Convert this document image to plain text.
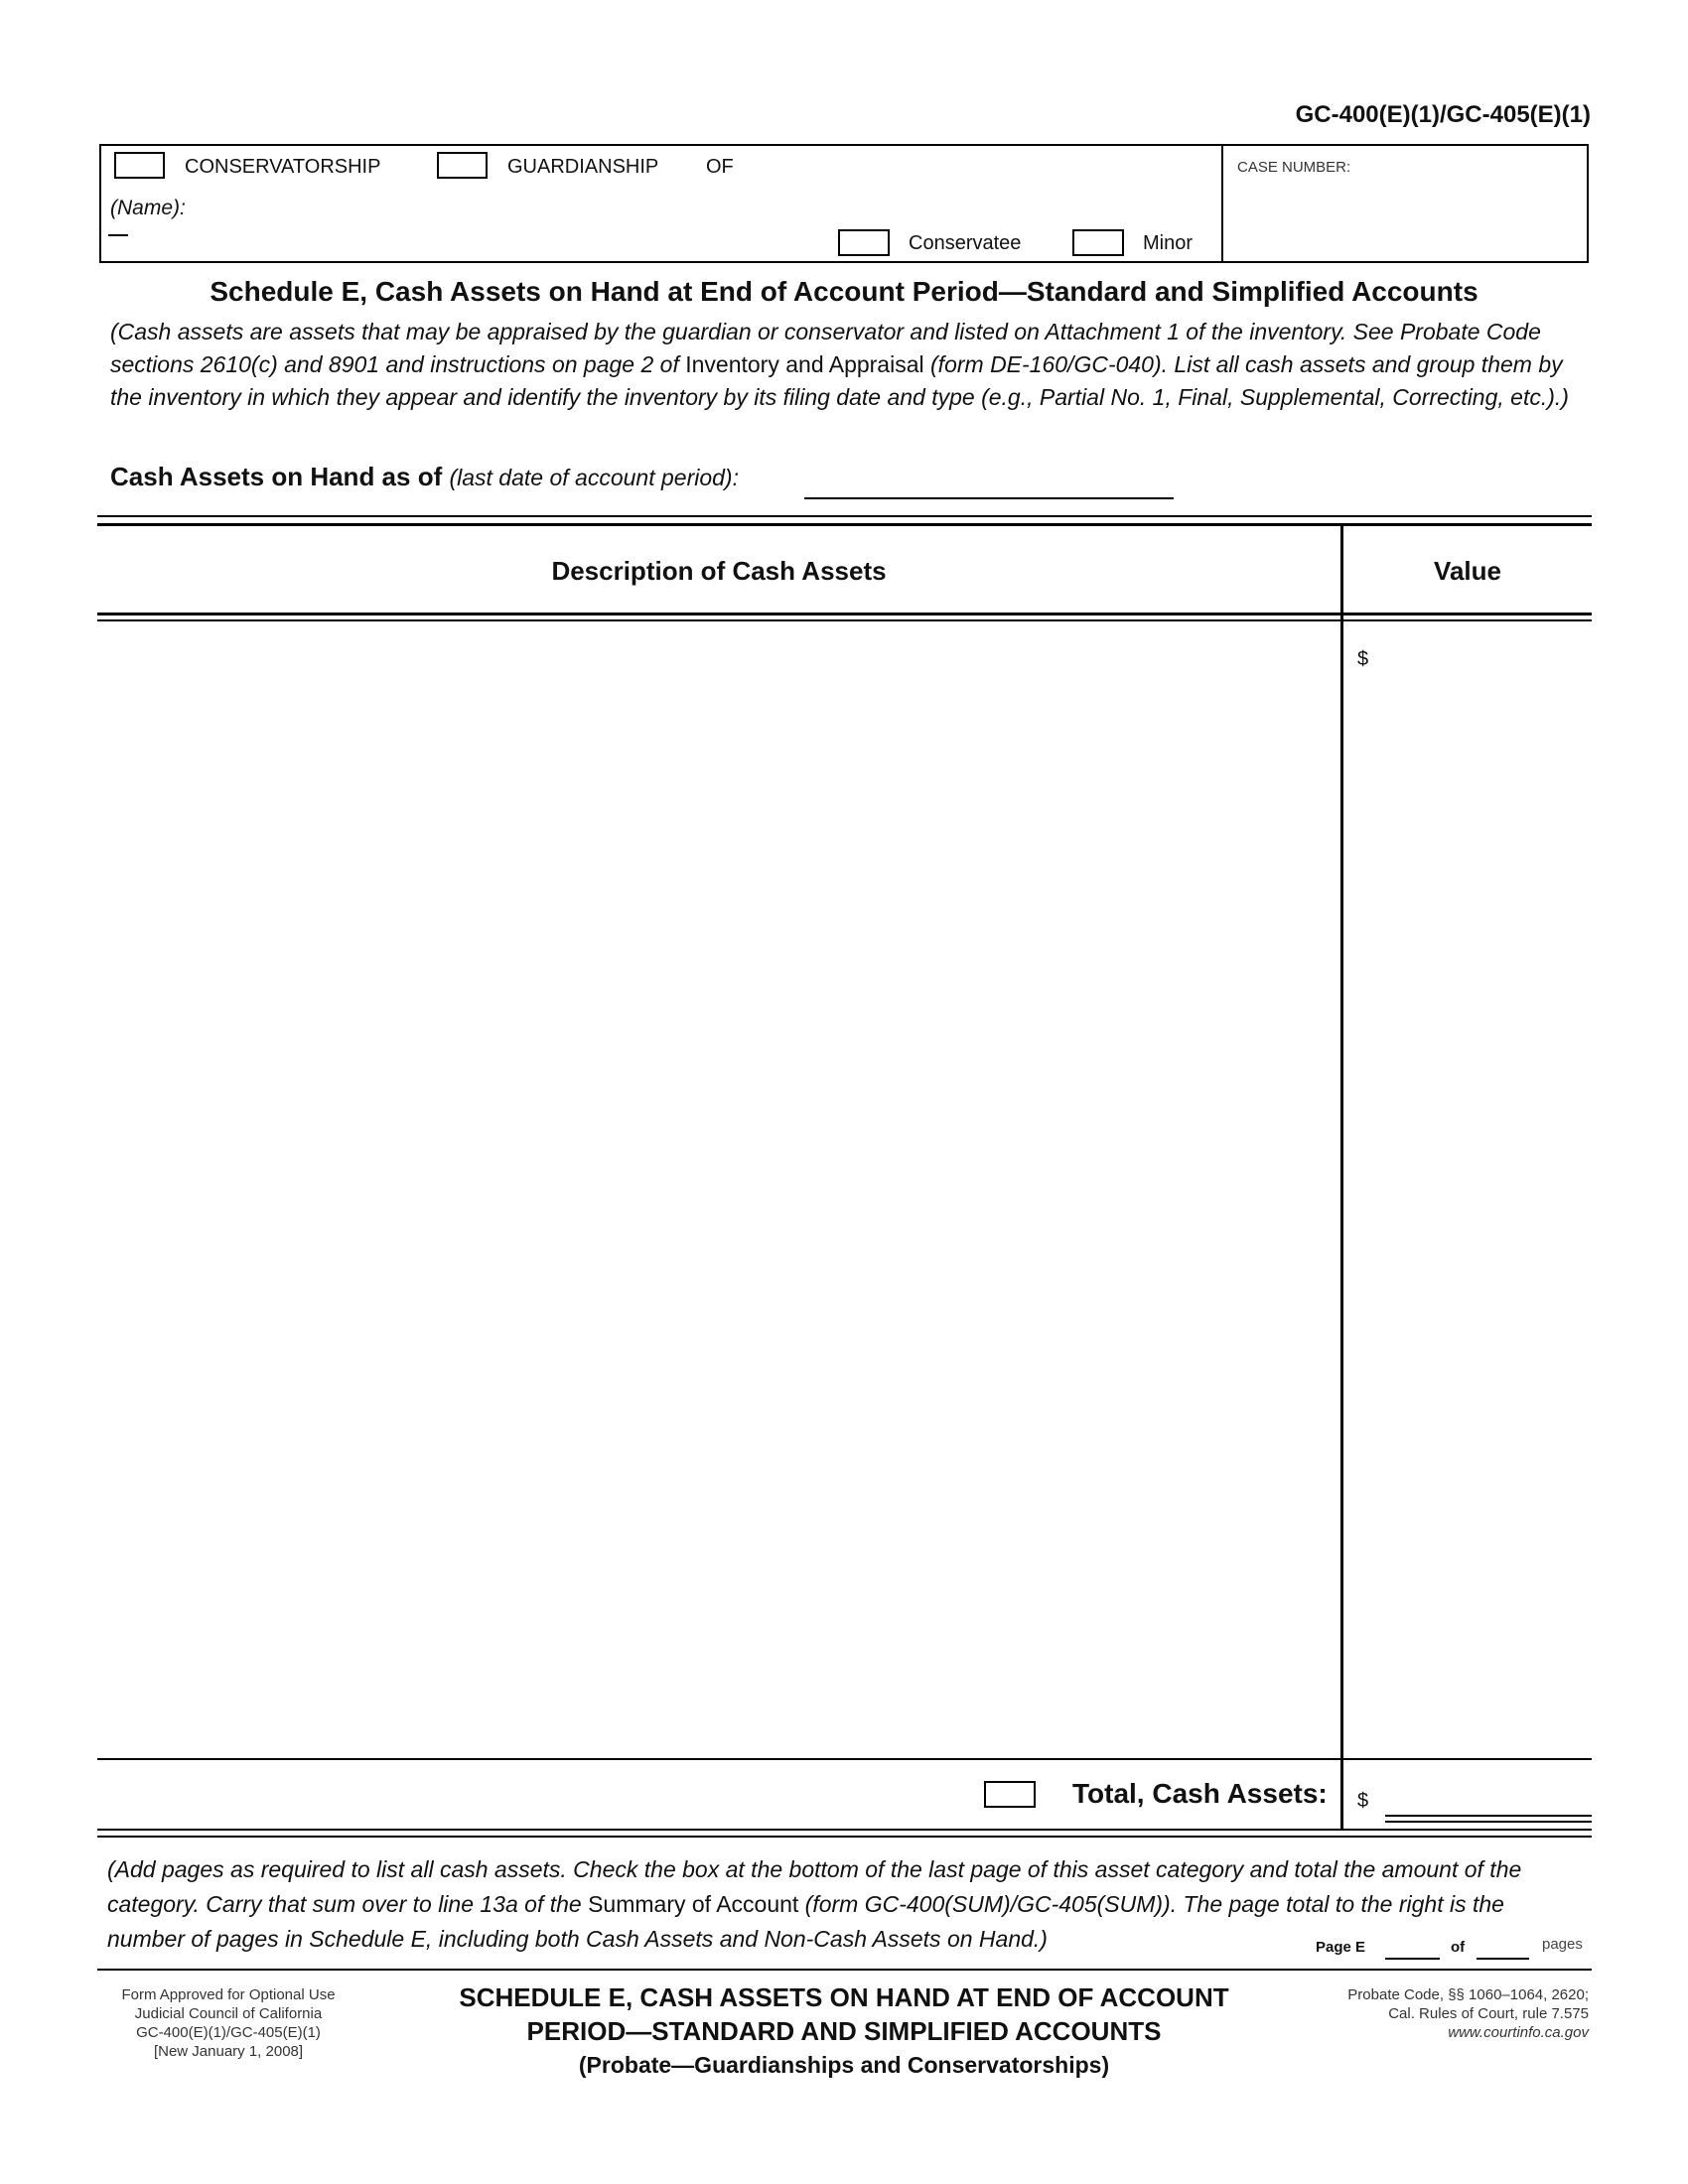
GC-400(E)(1)/GC-405(E)(1)
CONSERVATORSHIP	GUARDIANSHIP OF
(Name):
Conservatee	Minor
CASE NUMBER:
Schedule E, Cash Assets on Hand at End of Account Period—Standard and Simplified Accounts
(Cash assets are assets that may be appraised by the guardian or conservator and listed on Attachment 1 of the inventory. See Probate Code sections 2610(c) and 8901 and instructions on page 2 of Inventory and Appraisal (form DE-160/GC-040). List all cash assets and group them by the inventory in which they appear and identify the inventory by its filing date and type (e.g., Partial No. 1, Final, Supplemental, Correcting, etc.).)
Cash Assets on Hand as of (last date of account period):
Description of Cash Assets	Value
$
Total, Cash Assets: $
(Add pages as required to list all cash assets. Check the box at the bottom of the last page of this asset category and total the amount of the category. Carry that sum over to line 13a of the Summary of Account (form GC-400(SUM)/GC-405(SUM)). The page total to the right is the number of pages in Schedule E, including both Cash Assets and Non-Cash Assets on Hand.)	Page E	of	pages
Form Approved for Optional Use
Judicial Council of California
GC-400(E)(1)/GC-405(E)(1)
[New January 1, 2008]
SCHEDULE E, CASH ASSETS ON HAND AT END OF ACCOUNT
PERIOD—STANDARD AND SIMPLIFIED ACCOUNTS
(Probate—Guardianships and Conservatorships)
Probate Code, §§ 1060–1064, 2620;
Cal. Rules of Court, rule 7.575
www.courtinfo.ca.gov
